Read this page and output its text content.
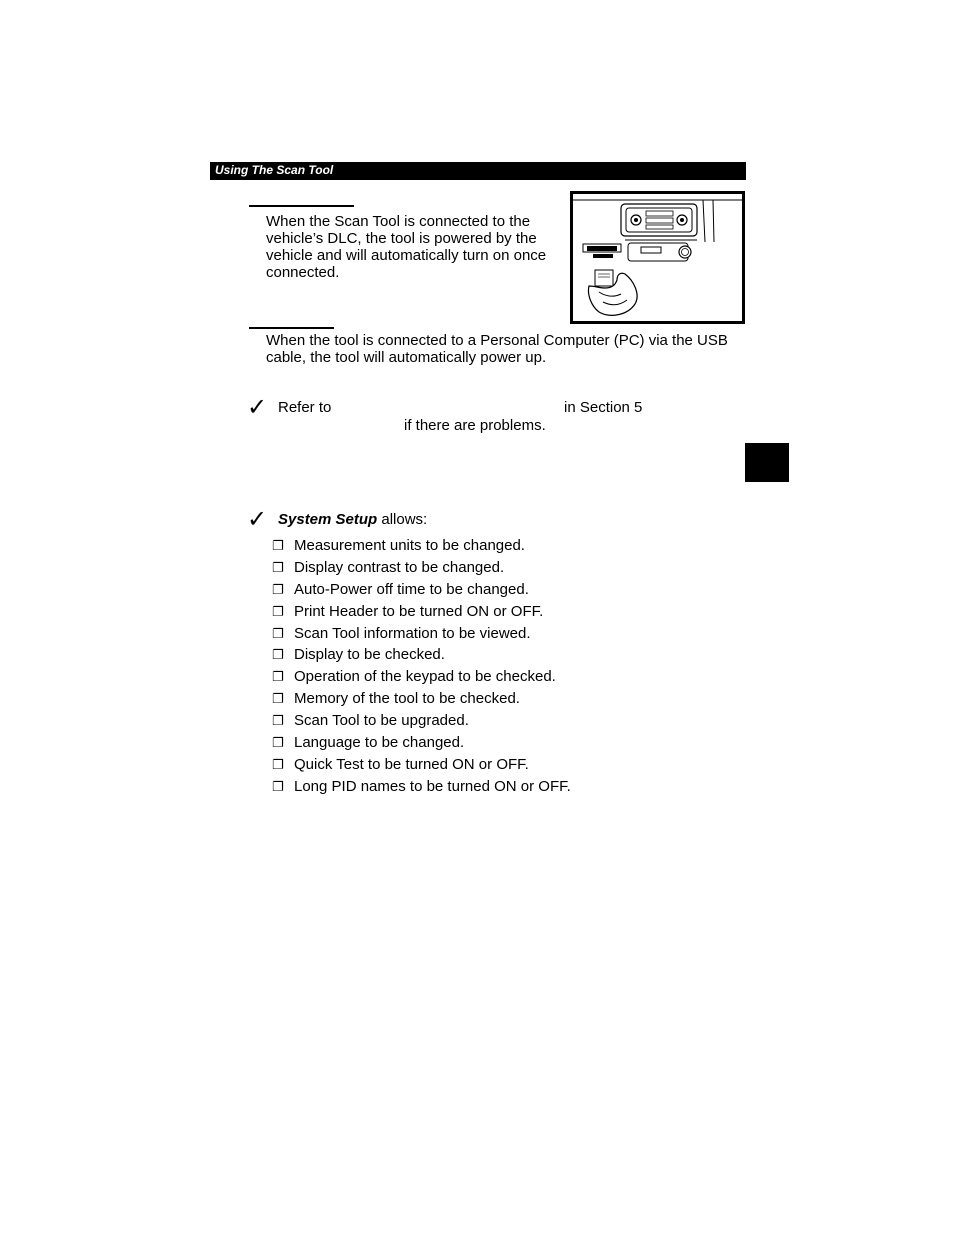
Using The Scan Tool
When the Scan Tool is connected to the vehicle’s DLC, the tool is powered by the vehicle and will automatically turn on once connected.
When the tool is connected to a Personal Computer (PC) via the USB cable, the tool will automatically power up.
✓ Refer to	in Section 5
if there are problems.
✓ System Setup allows:
❐ Measurement units to be changed.
❐ Display contrast to be changed.
❐ Auto-Power off time to be changed.
❐ Print Header to be turned ON or OFF.
❐ Scan Tool information to be viewed.
❐ Display to be checked.
❐ Operation of the keypad to be checked.
❐ Memory of the tool to be checked.
❐ Scan Tool to be upgraded.
❐ Language to be changed.
❐ Quick Test to be turned ON or OFF.
❐ Long PID names to be turned ON or OFF.
